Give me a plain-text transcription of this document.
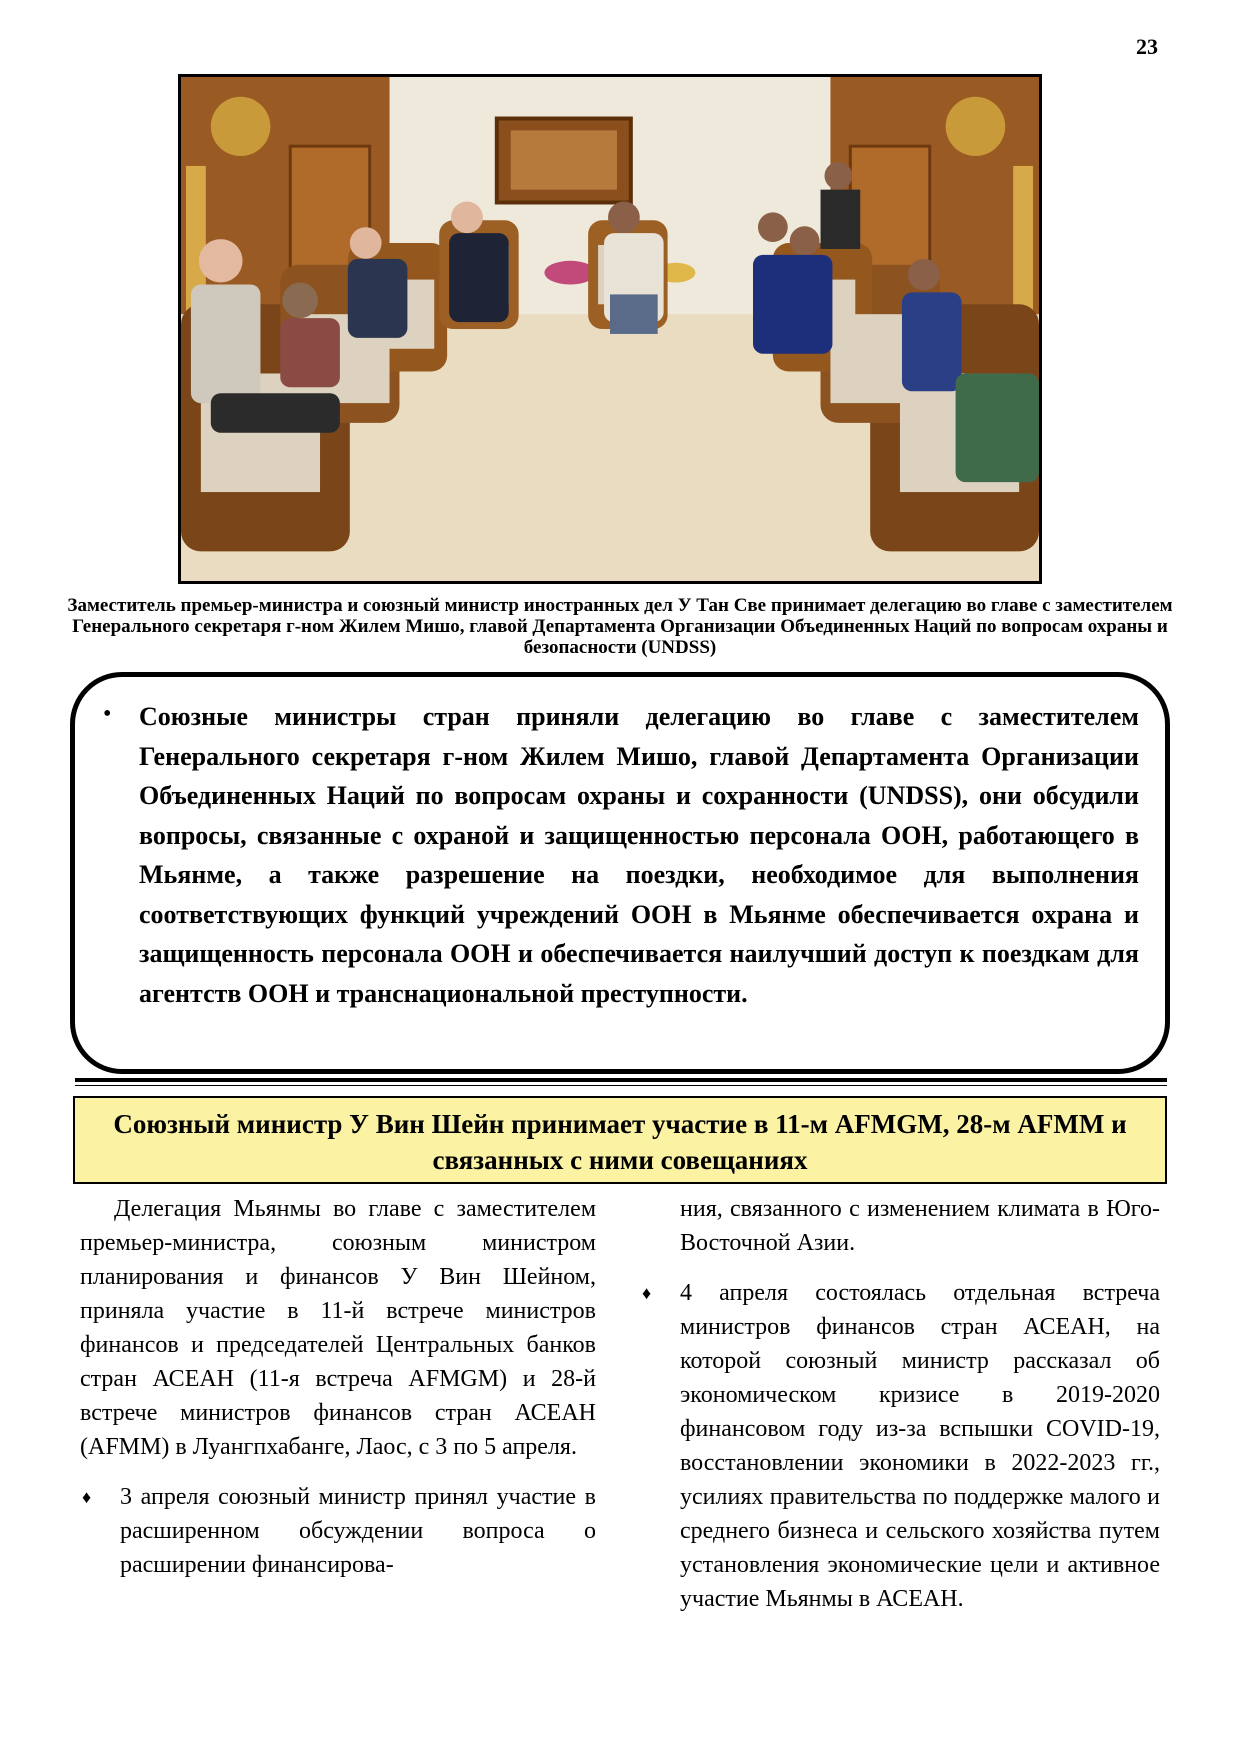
23
Заместитель премьер-министра и союзный министр иностранных дел У Тан Све принимает делегацию во главе с заместителем Генерального секретаря г-ном Жилем Мишо, главой Департамента Организации Объединенных Наций по вопросам охраны и безопасности (UNDSS)
• Союзные министры стран приняли делегацию во главе с заместителем Генерального секретаря г-ном Жилем Мишо, главой Департамента Организации Объединенных Наций по вопросам охраны и сохранности (UNDSS), они обсудили вопросы, связанные с охраной и защищенностью персонала ООН, работающего в Мьянме, а также разрешение на поездки, необходимое для выполнения соответствующих функций учреждений ООН в Мьянме обеспечивается охрана и защищенность персонала ООН и обеспечивается наилучший доступ к поездкам для агентств ООН и транснациональной преступности.
Союзный министр У Вин Шейн принимает участие в 11-м AFMGM, 28-м AFMM и связанных с ними совещаниях

Делегация Мьянмы во главе с заместителем премьер-министра, союзным министром планирования и финансов У Вин Шейном, приняла участие в 11-й встрече министров финансов и председателей Центральных банков стран АСЕАН (11-я встреча AFMGM) и 28-й встрече министров финансов стран АСЕАН (AFMM) в Луангпхабанге, Лаос, с 3 по 5 апреля.

♦ 3 апреля союзный министр принял участие в расширенном обсуждении вопроса о расширении финансирова-

ния, связанного с изменением климата в Юго-Восточной Азии.

♦ 4 апреля состоялась отдельная встреча министров финансов стран АСЕАН, на которой союзный министр рассказал об экономическом кризисе в 2019-2020 финансовом году из-за вспышки COVID-19, восстановлении экономики в 2022-2023 гг., усилиях правительства по поддержке малого и среднего бизнеса и сельского хозяйства путем установления экономические цели и активное участие Мьянмы в АСЕАН.
